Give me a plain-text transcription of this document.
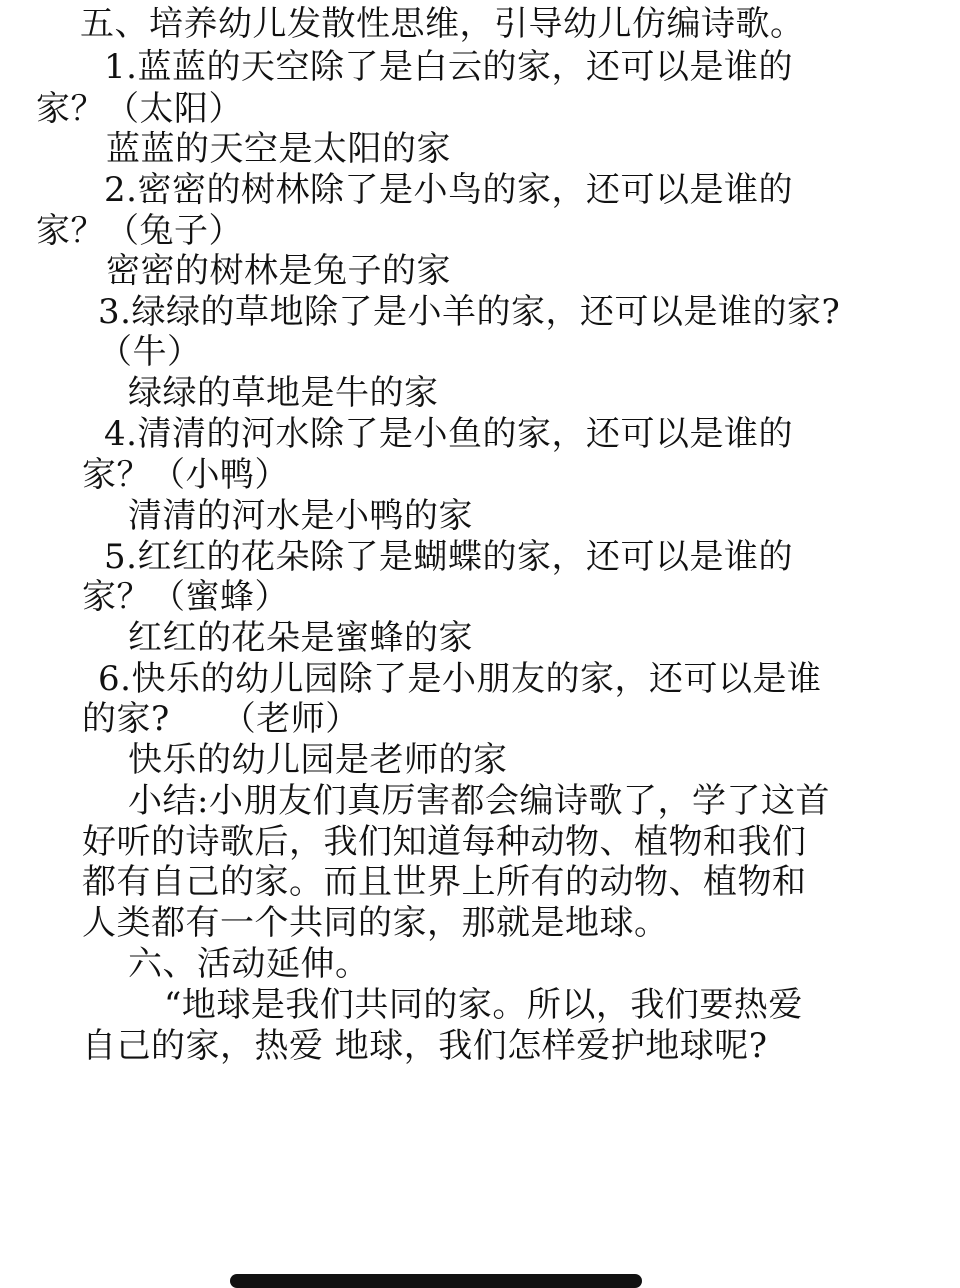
五、培养幼儿发散性思维，引导幼儿仿编诗歌。
1.蓝蓝的天空除了是白云的家，还可以是谁的
家？（太阳）
蓝蓝的天空是太阳的家
2.密密的树林除了是小鸟的家，还可以是谁的
家？（兔子）
密密的树林是兔子的家
3.绿绿的草地除了是小羊的家，还可以是谁的家?
（牛）
绿绿的草地是牛的家
4.清清的河水除了是小鱼的家，还可以是谁的
家？（小鸭）
清清的河水是小鸭的家
5.红红的花朵除了是蝴蝶的家，还可以是谁的
家？（蜜蜂）
红红的花朵是蜜蜂的家
6.快乐的幼儿园除了是小朋友的家，还可以是谁
的家?　　（老师）
快乐的幼儿园是老师的家
小结:小朋友们真厉害都会编诗歌了，学了这首
好听的诗歌后，我们知道每种动物、植物和我们
都有自己的家。而且世界上所有的动物、植物和
人类都有一个共同的家，那就是地球。
六、活动延伸。
“地球是我们共同的家。所以，我们要热爱
自己的家，热爱 地球，我们怎样爱护地球呢?
